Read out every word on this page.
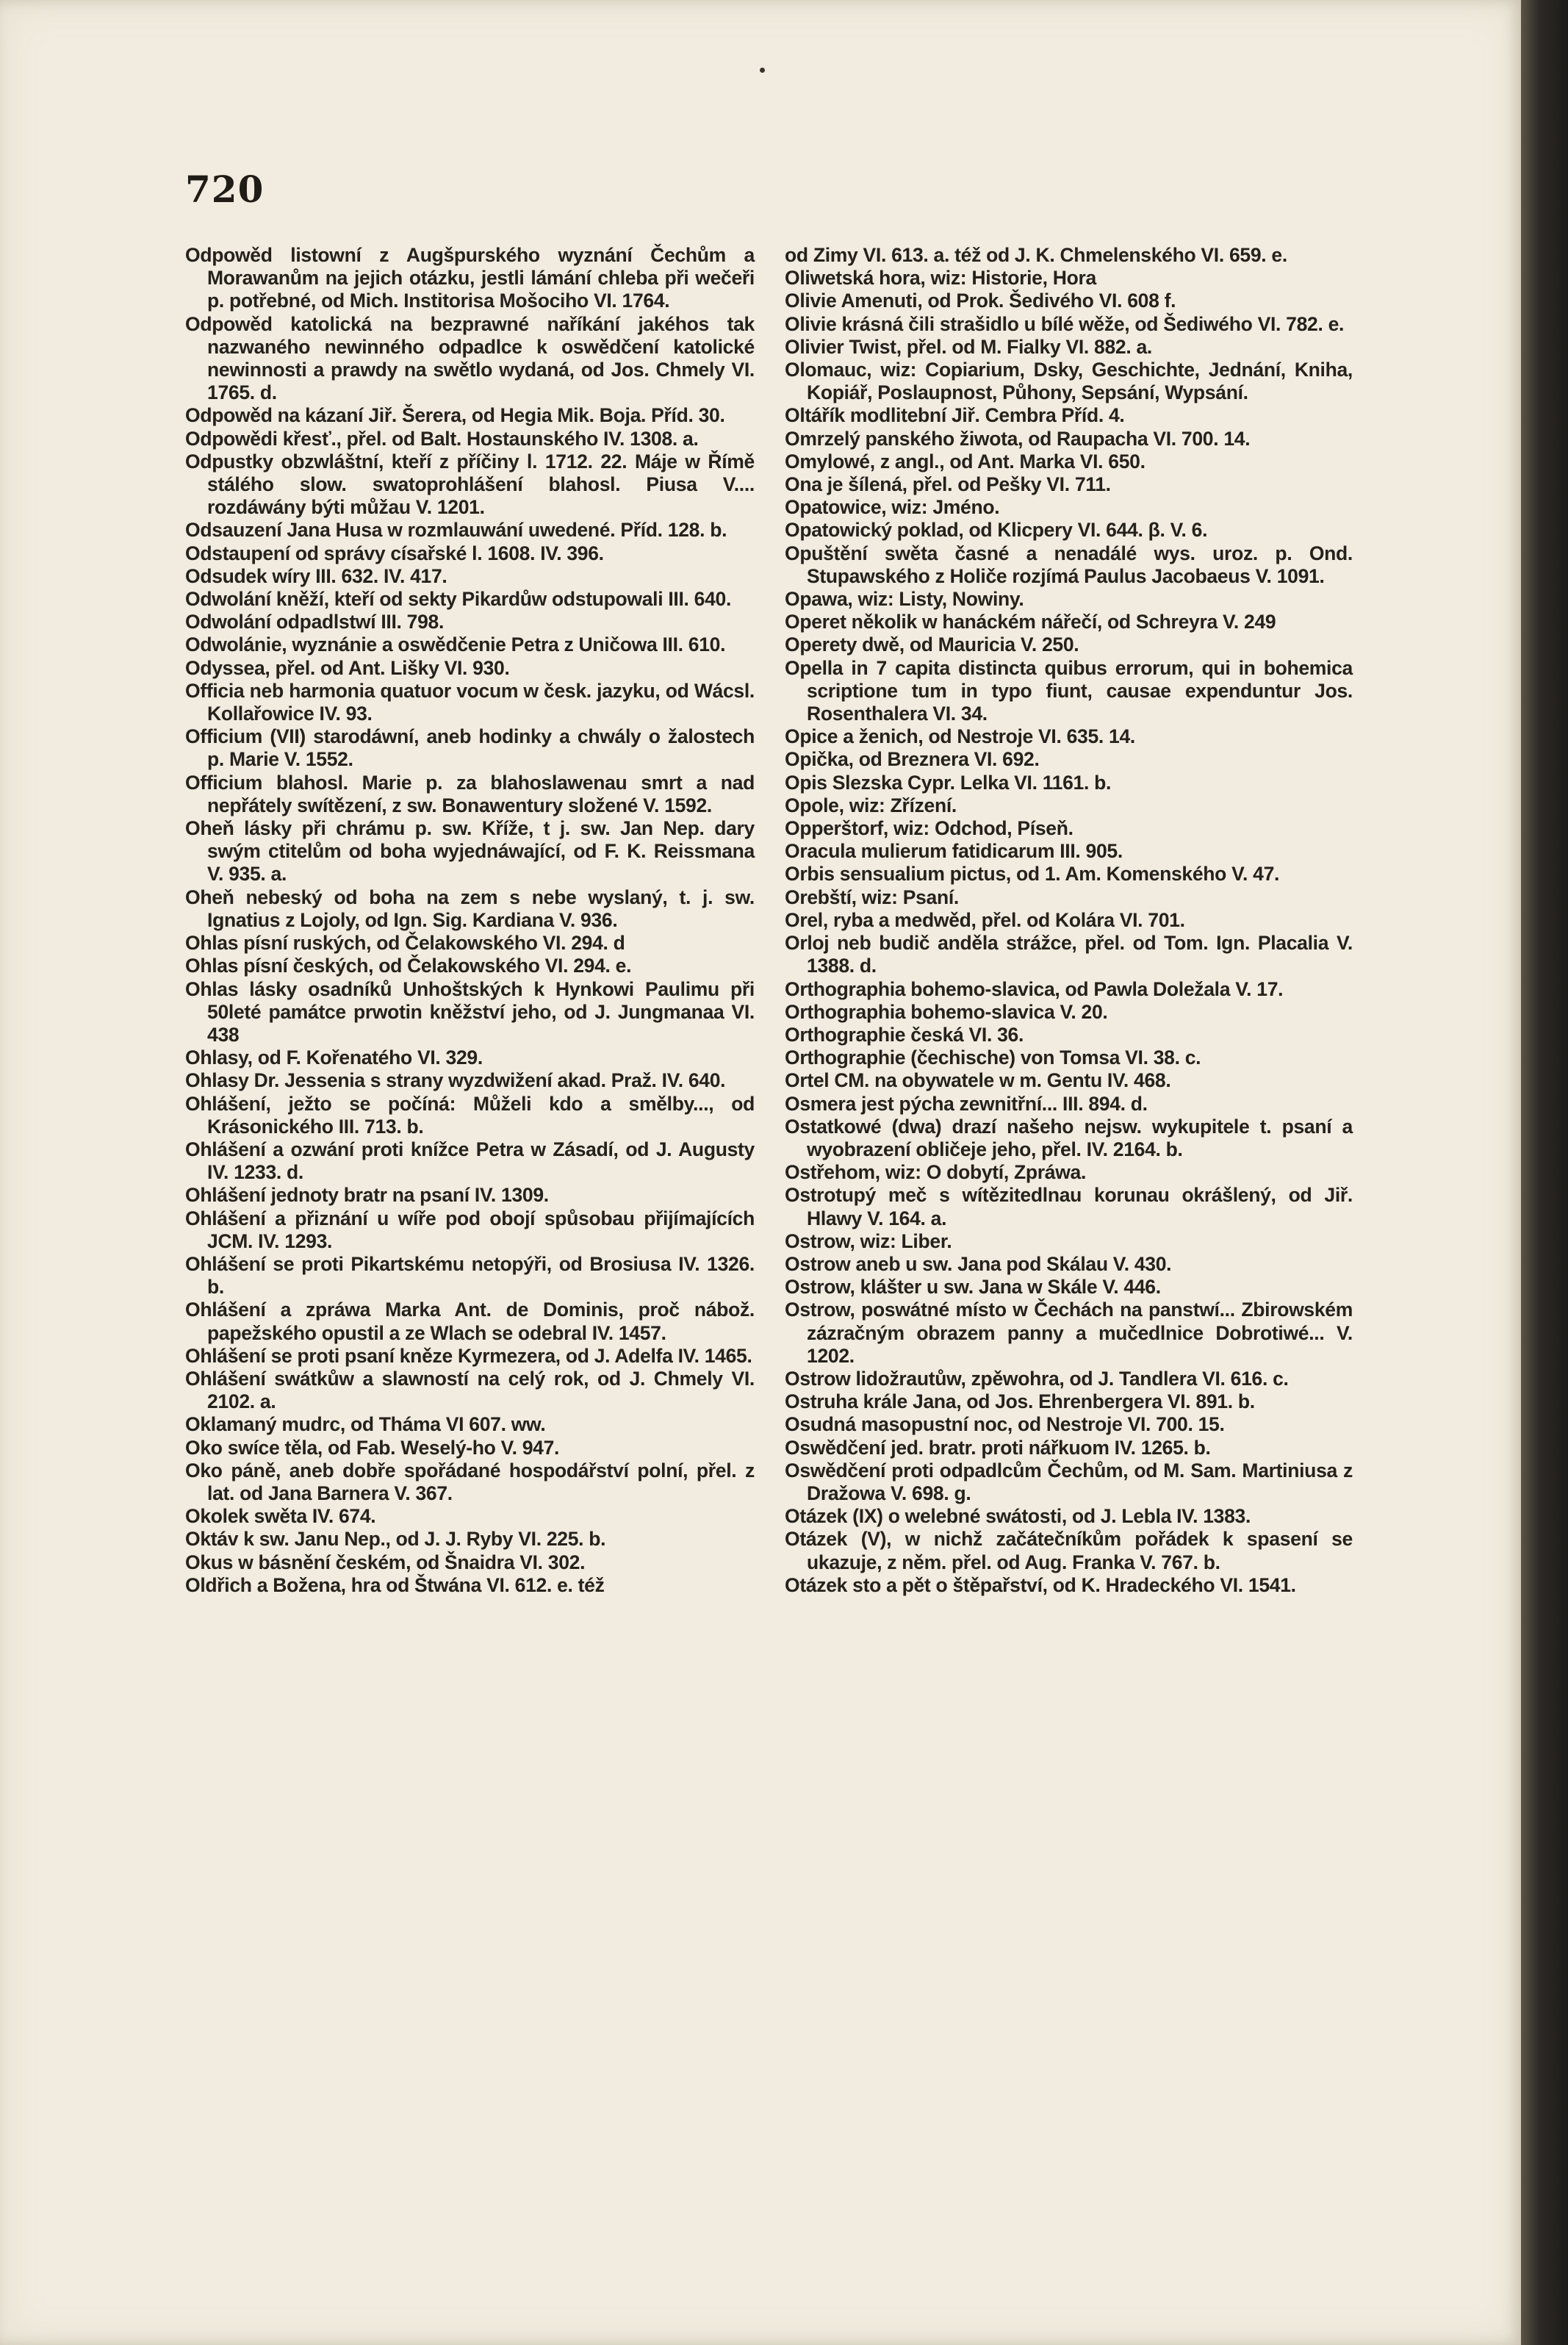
720

Odpowěd listowní z Augšpurského wyznání Čechům a Morawanům na jejich otázku, jestli lámání chleba při wečeři p. potřebné, od Mich. Institorisa Mošociho VI. 1764.

Odpowěd katolická na bezprawné naříkání jakéhos tak nazwaného newinného odpadlce k oswědčení katolické newinnosti a prawdy na swětlo wydaná, od Jos. Chmely VI. 1765. d.

Odpowěd na kázaní Jiř. Šerera, od Hegia Mik. Boja. Příd. 30.

Odpowědi křesť., přel. od Balt. Hostaunského IV. 1308. a.

Odpustky obzwláštní, kteří z příčiny l. 1712. 22. Máje w Římě stálého slow. swatoprohlášení blahosl. Piusa V.... rozdáwány býti můžau V. 1201.

Odsauzení Jana Husa w rozmlauwání uwedené. Příd. 128. b.

Odstaupení od správy císařské l. 1608. IV. 396.

Odsudek wíry III. 632. IV. 417.

Odwolání kněží, kteří od sekty Pikardůw odstupowali III. 640.

Odwolání odpadlstwí III. 798.

Odwolánie, wyznánie a oswědčenie Petra z Uničowa III. 610.

Odyssea, přel. od Ant. Lišky VI. 930.

Officia neb harmonia quatuor vocum w česk. jazyku, od Wácsl. Kollařowice IV. 93.

Officium (VII) starodáwní, aneb hodinky a chwály o žalostech p. Marie V. 1552.

Officium blahosl. Marie p. za blahoslawenau smrt a nad nepřátely swítězení, z sw. Bonawentury složené V. 1592.

Oheň lásky při chrámu p. sw. Kříže, t j. sw. Jan Nep. dary swým ctitelům od boha wyjednáwající, od F. K. Reissmana V. 935. a.

Oheň nebeský od boha na zem s nebe wyslaný, t. j. sw. Ignatius z Lojoly, od Ign. Sig. Kardiana V. 936.

Ohlas písní ruských, od Čelakowského VI. 294. d

Ohlas písní českých, od Čelakowského VI. 294. e.

Ohlas lásky osadníků Unhoštských k Hynkowi Paulimu při 50leté památce prwotin kněžství jeho, od J. Jungmanaa VI. 438

Ohlasy, od F. Kořenatého VI. 329.

Ohlasy Dr. Jessenia s strany wyzdwižení akad. Praž. IV. 640.

Ohlášení, ježto se počíná: Můželi kdo a smělby..., od Krásonického III. 713. b.

Ohlášení a ozwání proti knížce Petra w Zásadí, od J. Augusty IV. 1233. d.

Ohlášení jednoty bratr na psaní IV. 1309.

Ohlášení a přiznání u wíře pod obojí spůsobau přijímajících JCM. IV. 1293.

Ohlášení se proti Pikartskému netopýři, od Brosiusa IV. 1326. b.

Ohlášení a zpráwa Marka Ant. de Dominis, proč nábož. papežského opustil a ze Wlach se odebral IV. 1457.

Ohlášení se proti psaní kněze Kyrmezera, od J. Adelfa IV. 1465.

Ohlášení swátkůw a slawností na celý rok, od J. Chmely VI. 2102. a.

Oklamaný mudrc, od Tháma VI 607. ww.

Oko swíce těla, od Fab. Weselý-ho V. 947.

Oko páně, aneb dobře spořádané hospodářství polní, přel. z lat. od Jana Barnera V. 367.

Okolek swěta IV. 674.

Oktáv k sw. Janu Nep., od J. J. Ryby VI. 225. b.

Okus w básnění českém, od Šnaidra VI. 302.

Oldřich a Božena, hra od Štwána VI. 612. e. též

od Zimy VI. 613. a. též od J. K. Chmelenského VI. 659. e.

Oliwetská hora, wiz: Historie, Hora

Olivie Amenuti, od Prok. Šedivého VI. 608 f.

Olivie krásná čili strašidlo u bílé wěže, od Šediwého VI. 782. e.

Olivier Twist, přel. od M. Fialky VI. 882. a.

Olomauc, wiz: Copiarium, Dsky, Geschichte, Jednání, Kniha, Kopiář, Poslaupnost, Půhony, Sepsání, Wypsání.

Oltářík modlitební Jiř. Cembra Příd. 4.

Omrzelý panského žiwota, od Raupacha VI. 700. 14.

Omylowé, z angl., od Ant. Marka VI. 650.

Ona je šílená, přel. od Pešky VI. 711.

Opatowice, wiz: Jméno.

Opatowický poklad, od Klicpery VI. 644. β. V. 6.

Opuštění swěta časné a nenadálé wys. uroz. p. Ond. Stupawského z Holiče rozjímá Paulus Jacobaeus V. 1091.

Opawa, wiz: Listy, Nowiny.

Operet několik w hanáckém nářečí, od Schreyra V. 249

Operety dwě, od Mauricia V. 250.

Opella in 7 capita distincta quibus errorum, qui in bohemica scriptione tum in typo fiunt, causae expenduntur Jos. Rosenthalera VI. 34.

Opice a ženich, od Nestroje VI. 635. 14.

Opička, od Breznera VI. 692.

Opis Slezska Cypr. Lelka VI. 1161. b.

Opole, wiz: Zřízení.

Opperštorf, wiz: Odchod, Píseň.

Oracula mulierum fatidicarum III. 905.

Orbis sensualium pictus, od 1. Am. Komenského V. 47.

Orebští, wiz: Psaní.

Orel, ryba a medwěd, přel. od Kolára VI. 701.

Orloj neb budič anděla strážce, přel. od Tom. Ign. Placalia V. 1388. d.

Orthographia bohemo-slavica, od Pawla Doležala V. 17.

Orthographia bohemo-slavica V. 20.

Orthographie česká VI. 36.

Orthographie (čechische) von Tomsa VI. 38. c.

Ortel CM. na obywatele w m. Gentu IV. 468.

Osmera jest pýcha zewnitřní... III. 894. d.

Ostatkowé (dwa) drazí našeho nejsw. wykupitele t. psaní a wyobrazení obličeje jeho, přel. IV. 2164. b.

Ostřehom, wiz: O dobytí, Zpráwa.

Ostrotupý meč s wítězitedlnau korunau okrášlený, od Jiř. Hlawy V. 164. a.

Ostrow, wiz: Liber.

Ostrow aneb u sw. Jana pod Skálau V. 430.

Ostrow, klášter u sw. Jana w Skále V. 446.

Ostrow, poswátné místo w Čechách na panstwí... Zbirowském zázračným obrazem panny a mučedlnice Dobrotiwé... V. 1202.

Ostrow lidožrautůw, zpěwohra, od J. Tandlera VI. 616. c.

Ostruha krále Jana, od Jos. Ehrenbergera VI. 891. b.

Osudná masopustní noc, od Nestroje VI. 700. 15.

Oswědčení jed. bratr. proti nářkuom IV. 1265. b.

Oswědčení proti odpadlcům Čechům, od M. Sam. Martiniusa z Dražowa V. 698. g.

Otázek (IX) o welebné swátosti, od J. Lebla IV. 1383.

Otázek (V), w nichž začátečníkům pořádek k spasení se ukazuje, z něm. přel. od Aug. Franka V. 767. b.

Otázek sto a pět o štěpařství, od K. Hradeckého VI. 1541.
